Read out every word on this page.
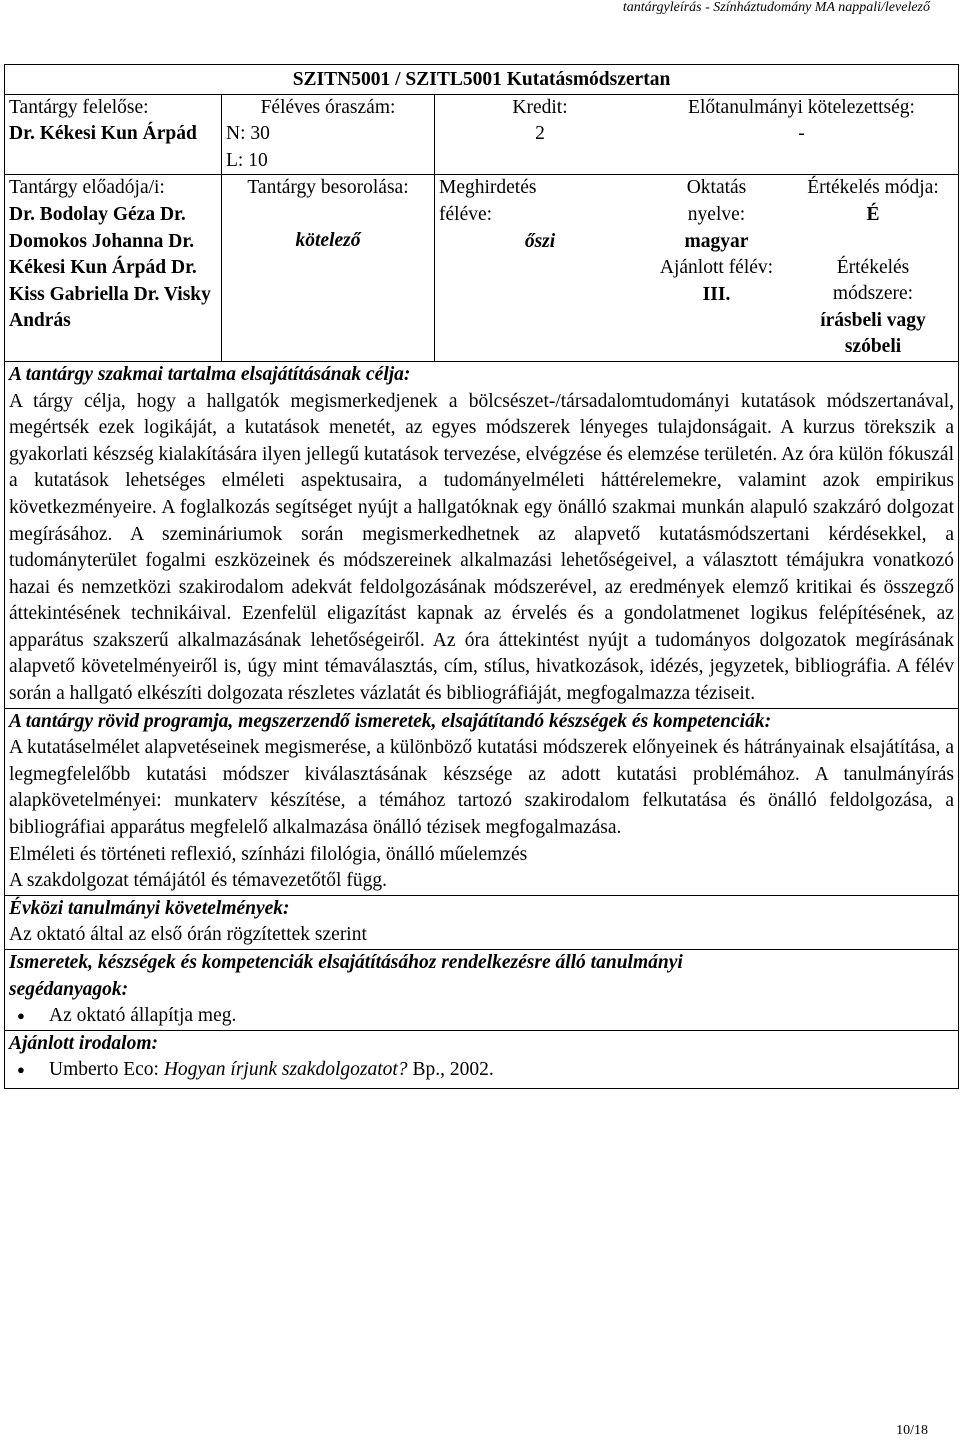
tantárgyleírás - Színháztudomány MA nappali/levelező
SZITN5001 / SZITL5001 Kutatásmódszertan

Tantárgy felelőse:
Dr. Kékesi Kun Árpád
Féléves óraszám:
N: 30
L: 10
Kredit:
2
Előtanulmányi kötelezettség:
-
Tantárgy előadója/i:
Dr. Bodolay Géza Dr. Domokos Johanna Dr. Kékesi Kun Árpád Dr. Kiss Gabriella Dr. Visky András
Tantárgy besorolása:
kötelező
Meghirdetés féléve:
őszi
Oktatás nyelve:
magyar
Ajánlott félév:
III.
Értékelés módja:
É
Értékelés módszere:
írásbeli vagy szóbeli

A tantárgy szakmai tartalma elsajátításának célja:
A tárgy célja, hogy a hallgatók megismerkedjenek a bölcsészet-/társadalomtudományi kutatások módszertanával, megértsék ezek logikáját, a kutatások menetét, az egyes módszerek lényeges tulajdonságait. A kurzus törekszik a gyakorlati készség kialakítására ilyen jellegű kutatások tervezése, elvégzése és elemzése területén. Az óra külön fókuszál a kutatások lehetséges elméleti aspektusaira, a tudományelméleti háttérelemekre, valamint azok empirikus következményeire. A foglalkozás segítséget nyújt a hallgatóknak egy önálló szakmai munkán alapuló szakzáró dolgozat megírásához. A szemináriumok során megismerkedhetnek az alapvető kutatásmódszertani kérdésekkel, a tudományterület fogalmi eszközeinek és módszereinek alkalmazási lehetőségeivel, a választott témájukra vonatkozó hazai és nemzetközi szakirodalom adekvát feldolgozásának módszerével, az eredmények elemző kritikai és összegző áttekintésének technikáival. Ezenfelül eligazítást kapnak az érvelés és a gondolatmenet logikus felépítésének, az apparátus szakszerű alkalmazásának lehetőségeiről. Az óra áttekintést nyújt a tudományos dolgozatok megírásának alapvető követelményeiről is, úgy mint témaválasztás, cím, stílus, hivatkozások, idézés, jegyzetek, bibliográfia. A félév során a hallgató elkészíti dolgozata részletes vázlatát és bibliográfiáját, megfogalmazza téziseit.

A tantárgy rövid programja, megszerzendő ismeretek, elsajátítandó készségek és kompetenciák:
A kutatáselmélet alapvetéseinek megismerése, a különböző kutatási módszerek előnyeinek és hátrányainak elsajátítása, a legmegfelelőbb kutatási módszer kiválasztásának készsége az adott kutatási problémához. A tanulmányírás alapkövetelményei: munkaterv készítése, a témához tartozó szakirodalom felkutatása és önálló feldolgozása, a bibliográfiai apparátus megfelelő alkalmazása önálló tézisek megfogalmazása.
Elméleti és történeti reflexió, színházi filológia, önálló műelemzés
A szakdolgozat témájától és témavezetőtől függ.

Évközi tanulmányi követelmények:
Az oktató által az első órán rögzítettek szerint

Ismeretek, készségek és kompetenciák elsajátításához rendelkezésre álló tanulmányi segédanyagok:
● Az oktató állapítja meg.

Ajánlott irodalom:
● Umberto Eco: Hogyan írjunk szakdolgozatot? Bp., 2002.
10/18
